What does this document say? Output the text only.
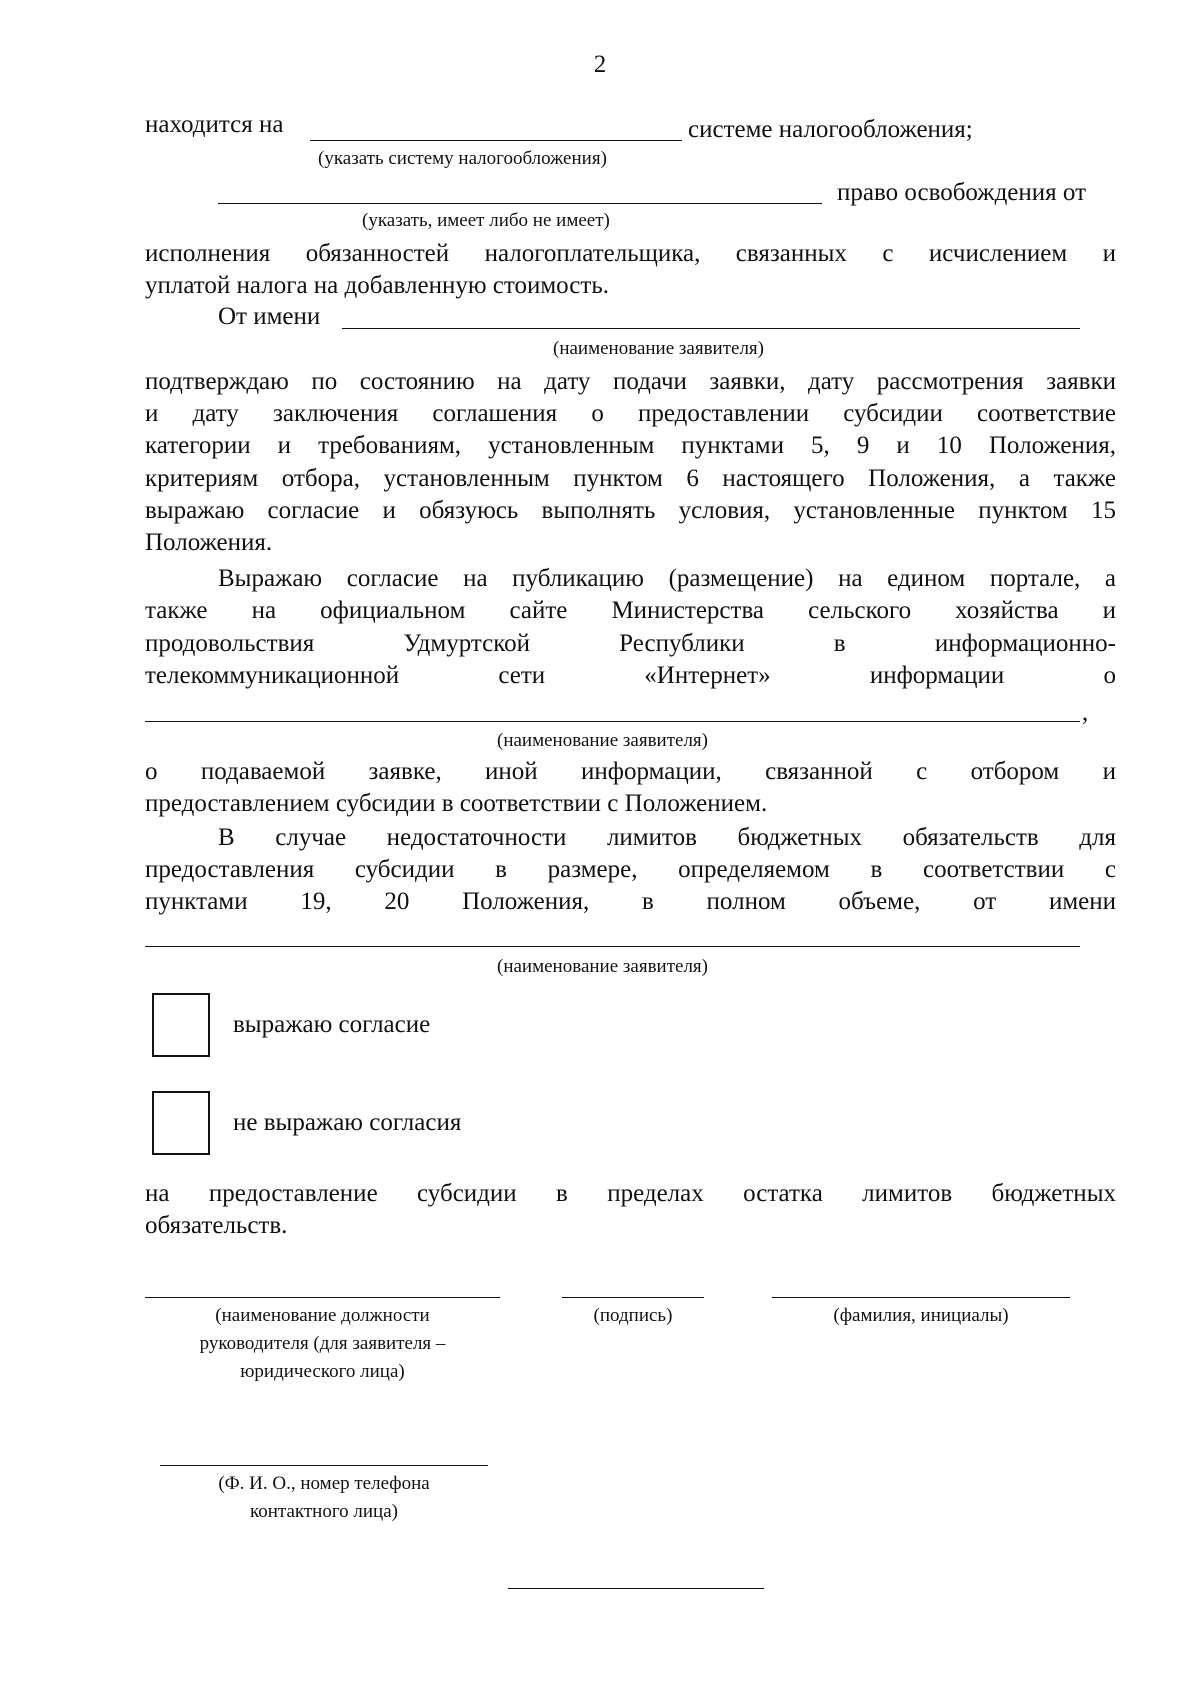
2
находится на	системе налогообложения;
(указать систему налогообложения)
право освобождения от
(указать, имеет либо не имеет)
исполнения обязанностей налогоплательщика, связанных с исчислением и
уплатой налога на добавленную стоимость.
От имени
(наименование заявителя)
подтверждаю по состоянию на дату подачи заявки, дату рассмотрения заявки
и дату заключения соглашения о предоставлении субсидии соответствие
категории и требованиям, установленным пунктами 5, 9 и 10 Положения,
критериям отбора, установленным пунктом 6 настоящего Положения, а также
выражаю согласие и обязуюсь выполнять условия, установленные пунктом 15
Положения.
Выражаю согласие на публикацию (размещение) на едином портале, а
также на официальном сайте Министерства сельского хозяйства и
продовольствия Удмуртской Республики в информационно-
телекоммуникационной сети «Интернет» информации о
,
(наименование заявителя)
о подаваемой заявке, иной информации, связанной с отбором и
предоставлением субсидии в соответствии с Положением.
В случае недостаточности лимитов бюджетных обязательств для
предоставления субсидии в размере, определяемом в соответствии с
пунктами 19, 20 Положения, в полном объеме, от имени
(наименование заявителя)
выражаю согласие
не выражаю согласия
на предоставление субсидии в пределах остатка лимитов бюджетных
обязательств.
(наименование должности
руководителя (для заявителя –
юридического лица)
(подпись)	(фамилия, инициалы)
(Ф. И. О., номер телефона
контактного лица)
